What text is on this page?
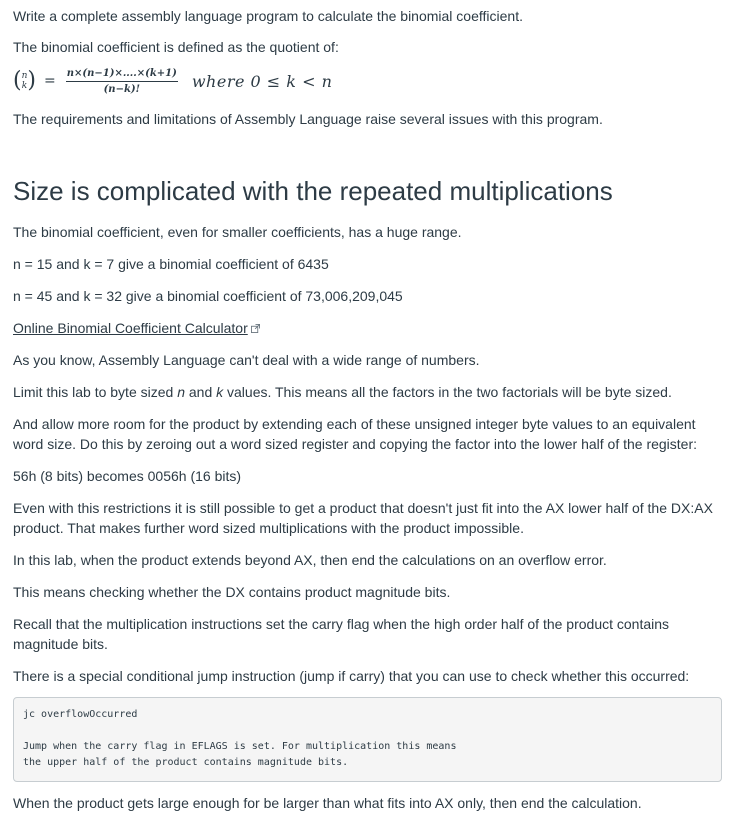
Write a complete assembly language program to calculate the binomial coefficient.

The binomial coefficient is defined as the quotient of:

( n
k ) = $\frac{n\times(n-1)\times....\times(k+1)}{(n-k)!}$ where 0 ≤ k < n

The requirements and limitations of Assembly Language raise several issues with this program.

Size is complicated with the repeated multiplications

The binomial coefficient, even for smaller coefficients, has a huge range.

n = 15 and k = 7 give a binomial coefficient of 6435

n = 45 and k = 32 give a binomial coefficient of 73,006,209,045

Online Binomial Coefficient Calculator

As you know, Assembly Language can't deal with a wide range of numbers.

Limit this lab to byte sized n and k values. This means all the factors in the two factorials will be byte sized.

And allow more room for the product by extending each of these unsigned integer byte values to an equivalent word size. Do this by zeroing out a word sized register and copying the factor into the lower half of the register:

56h (8 bits) becomes 0056h (16 bits)

Even with this restrictions it is still possible to get a product that doesn't just fit into the AX lower half of the DX:AX product. That makes further word sized multiplications with the product impossible.

In this lab, when the product extends beyond AX, then end the calculations on an overflow error.

This means checking whether the DX contains product magnitude bits.

Recall that the multiplication instructions set the carry flag when the high order half of the product contains magnitude bits.

There is a special conditional jump instruction (jump if carry) that you can use to check whether this occurred:

jc overflowOccurred
Jump when the carry flag in EFLAGS is set. For multiplication this means
the upper half of the product contains magnitude bits.

When the product gets large enough for be larger than what fits into AX only, then end the calculation.
